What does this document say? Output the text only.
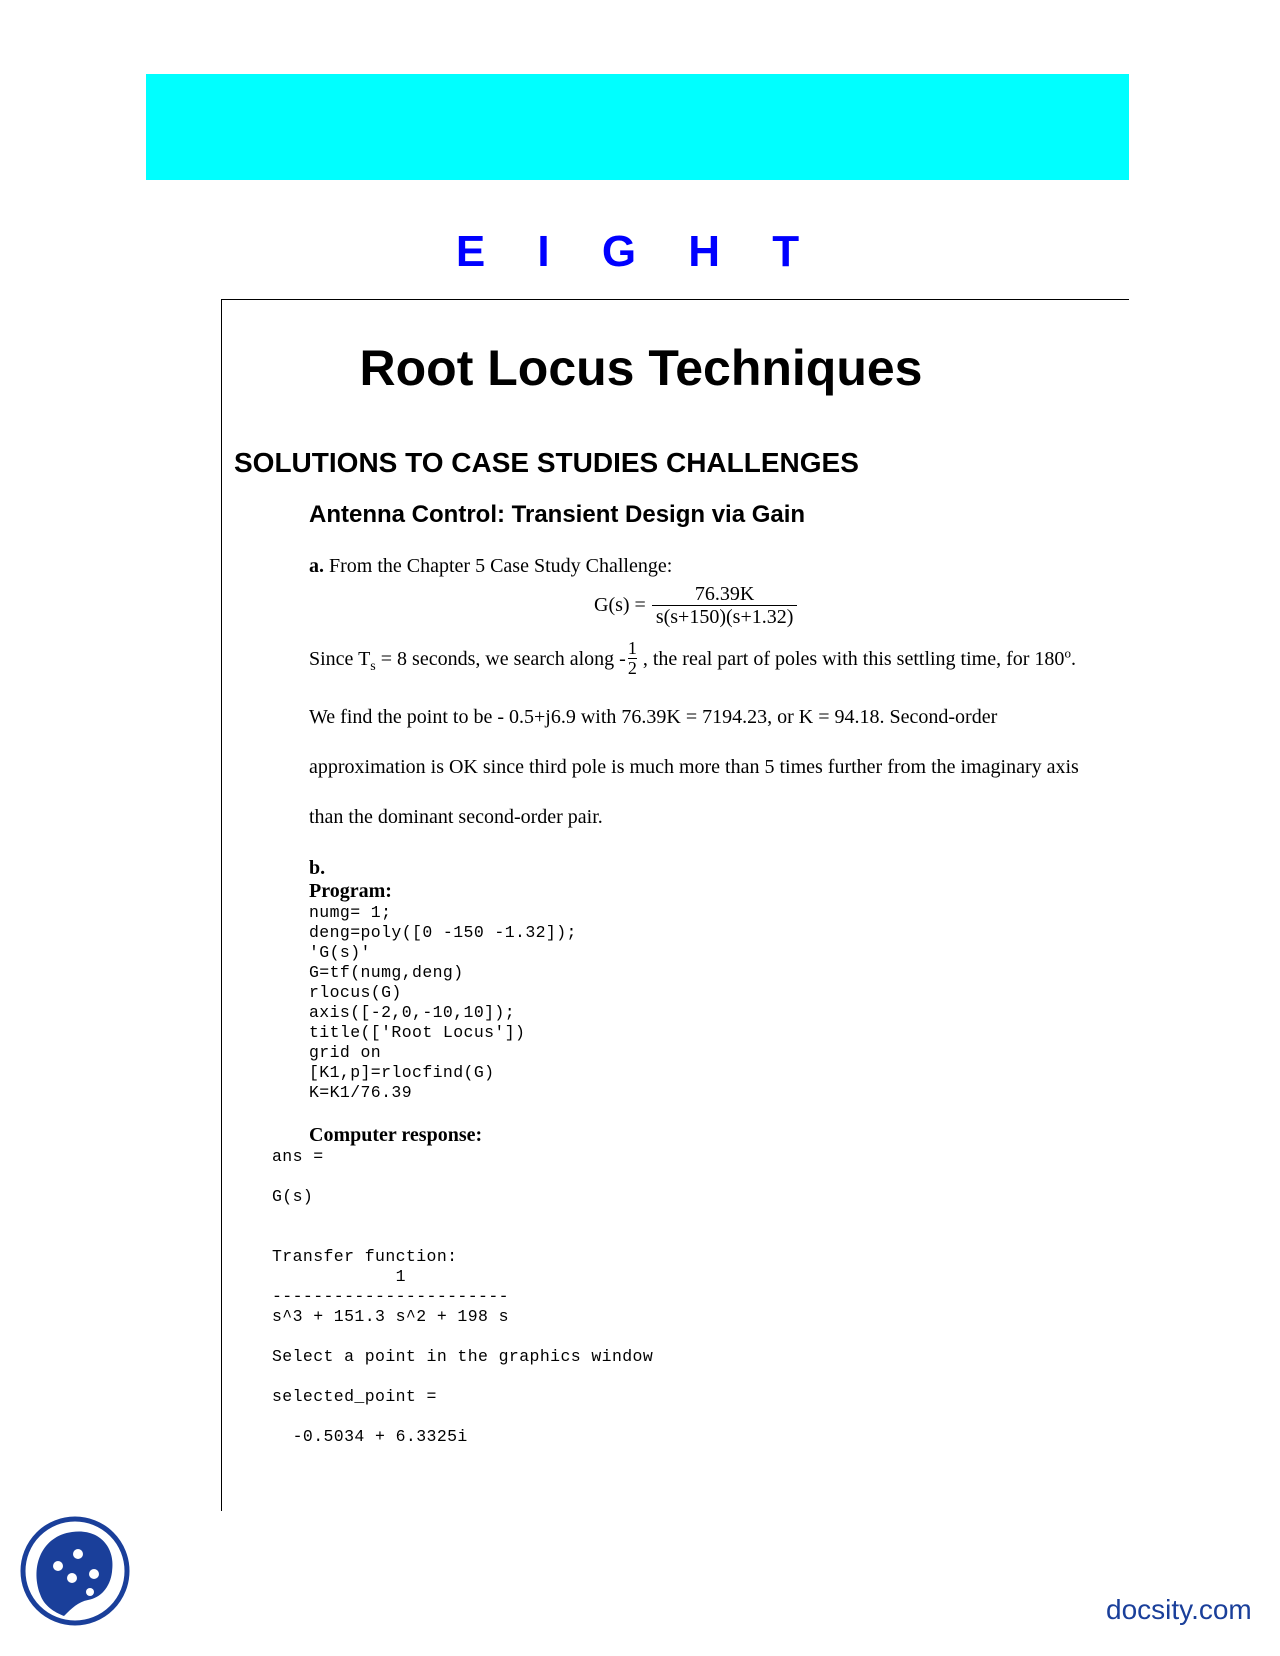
E I G H T
Root Locus Techniques
SOLUTIONS TO CASE STUDIES CHALLENGES
Antenna Control: Transient Design via Gain

a. From the Chapter 5 Case Study Challenge:

$G(s) = \frac{76.39K}{s(s+150)(s+1.32)}$

Since $T_s = 8$ seconds, we search along - $\frac{1}{2}$ , the real part of poles with this settling time, for 180$^o$.

We find the point to be - 0.5+j6.9 with 76.39K = 7194.23, or K = 94.18. Second-order

approximation is OK since third pole is much more than 5 times further from the imaginary axis

than the dominant second-order pair.

b.

Program:

numg= 1;
deng=poly([0 -150 -1.32]);
'G(s)'
G=tf(numg,deng)
rlocus(G)
axis([-2,0,-10,10]);
title(['Root Locus'])
grid on
[K1,p]=rlocfind(G)
K=K1/76.39

Computer response:

ans =

G(s)

Transfer function:
1
-----------------------
s^3 + 151.3 s^2 + 198 s

Select a point in the graphics window

selected_point =

-0.5034 + 6.3325i
docsity.com
